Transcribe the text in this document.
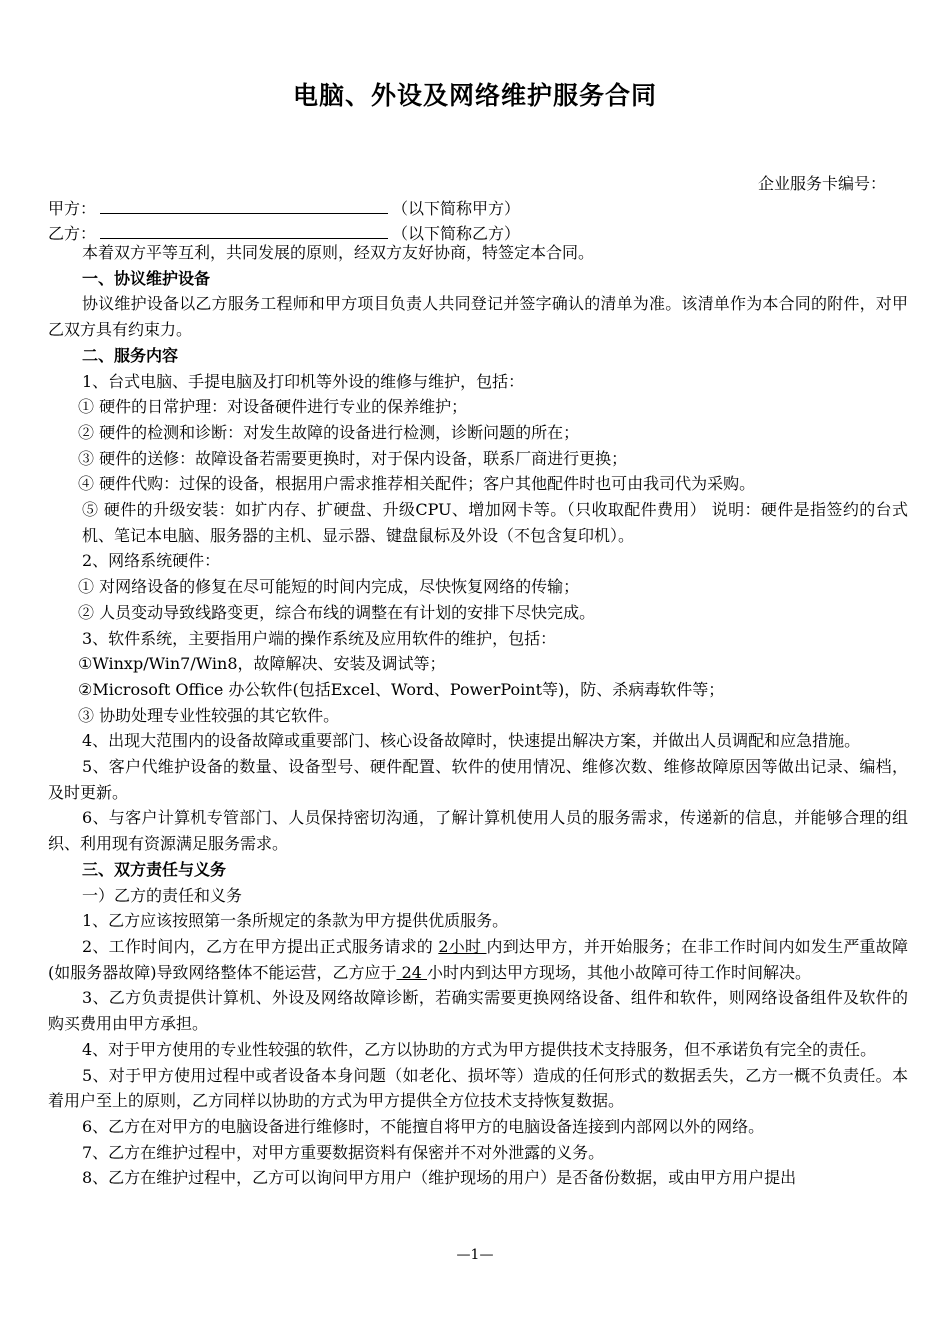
电脑、外设及网络维护服务合同
企业服务卡编号：
甲方：	（以下简称甲方）
乙方：	（以下简称乙方）

本着双方平等互利，共同发展的原则，经双方友好协商，特签定本合同。

一、协议维护设备

协议维护设备以乙方服务工程师和甲方项目负责人共同登记并签字确认的清单为准。该清单作为本合同的附件，对甲乙双方具有约束力。

二、服务内容

1、台式电脑、手提电脑及打印机等外设的维修与维护，包括：

① 硬件的日常护理：对设备硬件进行专业的保养维护；

② 硬件的检测和诊断：对发生故障的设备进行检测，诊断问题的所在；

③ 硬件的送修：故障设备若需要更换时，对于保内设备，联系厂商进行更换；

④ 硬件代购：过保的设备，根据用户需求推荐相关配件；客户其他配件时也可由我司代为采购。

⑤ 硬件的升级安装：如扩内存、扩硬盘、升级CPU、增加网卡等。（只收取配件费用） 说明：硬件是指签约的台式机、笔记本电脑、服务器的主机、显示器、键盘鼠标及外设（不包含复印机）。

2、网络系统硬件：

① 对网络设备的修复在尽可能短的时间内完成，尽快恢复网络的传输；

② 人员变动导致线路变更，综合布线的调整在有计划的安排下尽快完成。

3、软件系统，主要指用户端的操作系统及应用软件的维护，包括：

①Winxp/Win7/Win8，故障解决、安装及调试等；

②Microsoft Office 办公软件(包括Excel、Word、PowerPoint等)，防、杀病毒软件等；

③ 协助处理专业性较强的其它软件。

4、出现大范围内的设备故障或重要部门、核心设备故障时，快速提出解决方案，并做出人员调配和应急措施。

5、客户代维护设备的数量、设备型号、硬件配置、软件的使用情况、维修次数、维修故障原因等做出记录、编档，及时更新。

6、与客户计算机专管部门、人员保持密切沟通，了解计算机使用人员的服务需求，传递新的信息，并能够合理的组织、利用现有资源满足服务需求。

三、双方责任与义务

一）乙方的责任和义务

1、乙方应该按照第一条所规定的条款为甲方提供优质服务。

2、工作时间内，乙方在甲方提出正式服务请求的 2小时 内到达甲方，并开始服务；在非工作时间内如发生严重故障(如服务器故障)导致网络整体不能运营，乙方应于 24 小时内到达甲方现场，其他小故障可待工作时间解决。

3、乙方负责提供计算机、外设及网络故障诊断，若确实需要更换网络设备、组件和软件，则网络设备组件及软件的购买费用由甲方承担。

4、对于甲方使用的专业性较强的软件，乙方以协助的方式为甲方提供技术支持服务，但不承诺负有完全的责任。

5、对于甲方使用过程中或者设备本身问题（如老化、损坏等）造成的任何形式的数据丢失，乙方一概不负责任。本着用户至上的原则，乙方同样以协助的方式为甲方提供全方位技术支持恢复数据。

6、乙方在对甲方的电脑设备进行维修时，不能擅自将甲方的电脑设备连接到内部网以外的网络。

7、乙方在维护过程中，对甲方重要数据资料有保密并不对外泄露的义务。

8、乙方在维护过程中，乙方可以询问甲方用户（维护现场的用户）是否备份数据，或由甲方用户提出

—1—
